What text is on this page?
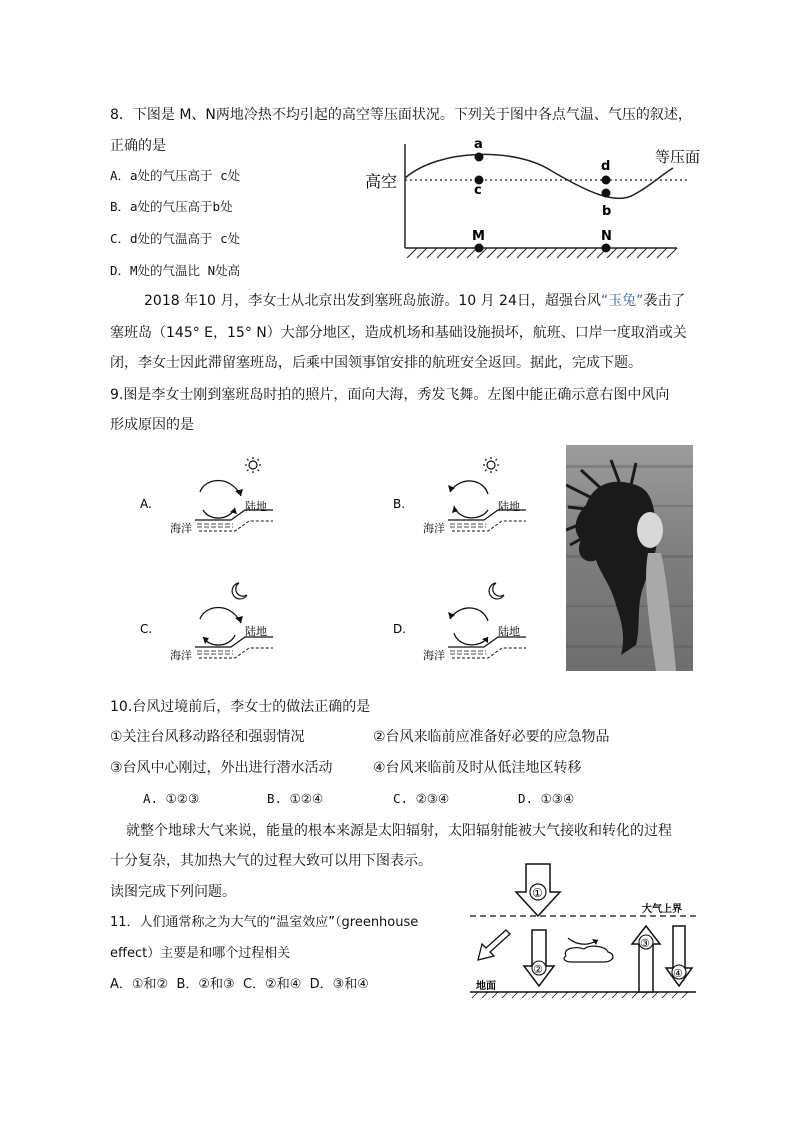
8．下图是 M、N两地冷热不均引起的高空等压面状况。下列关于图中各点气温、气压的叙述，
正确的是
A．a处的气压高于 c处
B．a处的气压高于b处
C．d处的气温高于 c处
D．M处的气温比 N处高
高空
等压面
a
c
d
b
M	N
2018 年10 月，李女士从北京出发到塞班岛旅游。10 月 24日，超强台风“玉兔”袭击了
塞班岛（145° E，15° N）大部分地区，造成机场和基础设施损坏，航班、口岸一度取消或关
闭，李女士因此滞留塞班岛，后乘中国领事馆安排的航班安全返回。据此，完成下题。
9.图是李女士刚到塞班岛时拍的照片，面向大海，秀发飞舞。左图中能正确示意右图中风向
形成原因的是
A.	陆地
海洋
B.	陆地
海洋
C.	陆地
海洋
D.	陆地
海洋
10.台风过境前后，李女士的做法正确的是
①关注台风移动路径和强弱情况	②台风来临前应准备好必要的应急物品
③台风中心刚过，外出进行潜水活动	④台风来临前及时从低洼地区转移
A. ①②③	B. ①②④	C. ②③④	D. ①③④
就整个地球大气来说，能量的根本来源是太阳辐射，太阳辐射能被大气接收和转化的过程
十分复杂，其加热大气的过程大致可以用下图表示。
读图完成下列问题。
11．人们通常称之为大气的“温室效应”（greenhouse
effect）主要是和哪个过程相关
A．①和②  B．②和③  C．②和④  D．③和④
大气上界
地面
①
②
③
④
